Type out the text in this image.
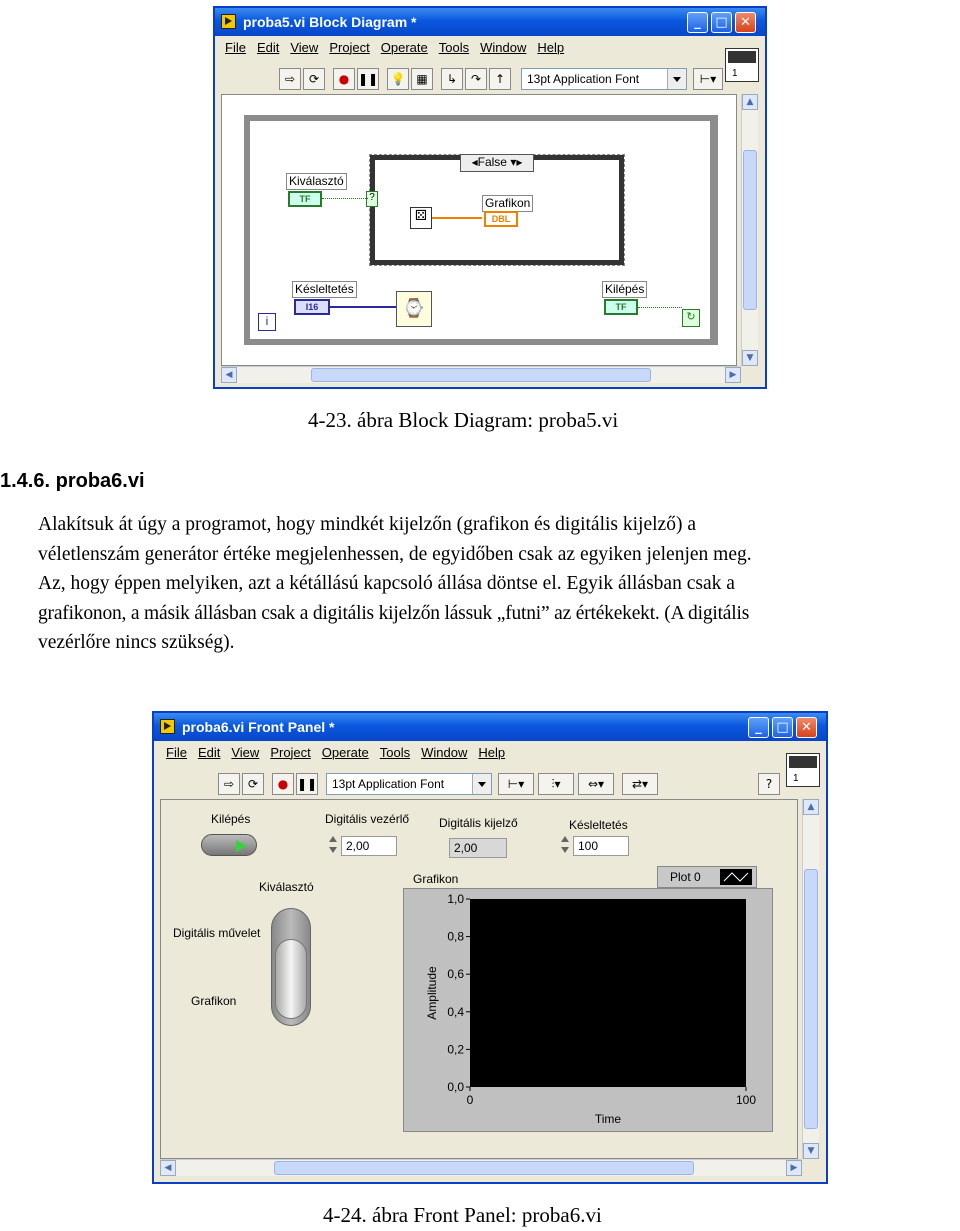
proba5.vi Block Diagram *	_	□ ✕
File Edit View Project Operate Tools Window Help
⇨	⟳	● ❚❚ 💡 ▦	↳	↷	↑	13pt Application Font	⊢▾	1
◂False ▾▸
?
Kiválasztó
TF
⚄
Grafikon
DBL
Késleltetés
I16	⌚
Kilépés
TF
↻
i
▲
▼
◀	▶
4-23. ábra Block Diagram: proba5.vi
1.4.6. proba6.vi
Alakítsuk át úgy a programot, hogy mindkét kijelzőn (grafikon és digitális kijelző) a
véletlenszám generátor értéke megjelenhessen, de egyidőben csak az egyiken jelenjen meg.
Az, hogy éppen melyiken, azt a kétállású kapcsoló állása döntse el. Egyik állásban csak a
grafikonon, a másik állásban csak a digitális kijelzőn lássuk „futni” az értékekekt. (A digitális
vezérlőre nincs szükség).
proba6.vi Front Panel *	_	□ ✕
File Edit View Project Operate Tools Window Help
⇨	⟳	● ❚❚	13pt Application Font	⊢▾	⫶▾	⇔▾	⇄▾	?	1
Kilépés	Digitális vezérlő
2,00
Digitális kijelző
2,00
Késleltetés
100
Kiválasztó
Digitális művelet
Grafikon
Grafikon	Plot 0
0,0
0,2
0,4
0,6
0,8
1,0
0	100
Amplitude
Time
▲
▼
◀	▶
4-24. ábra Front Panel: proba6.vi
